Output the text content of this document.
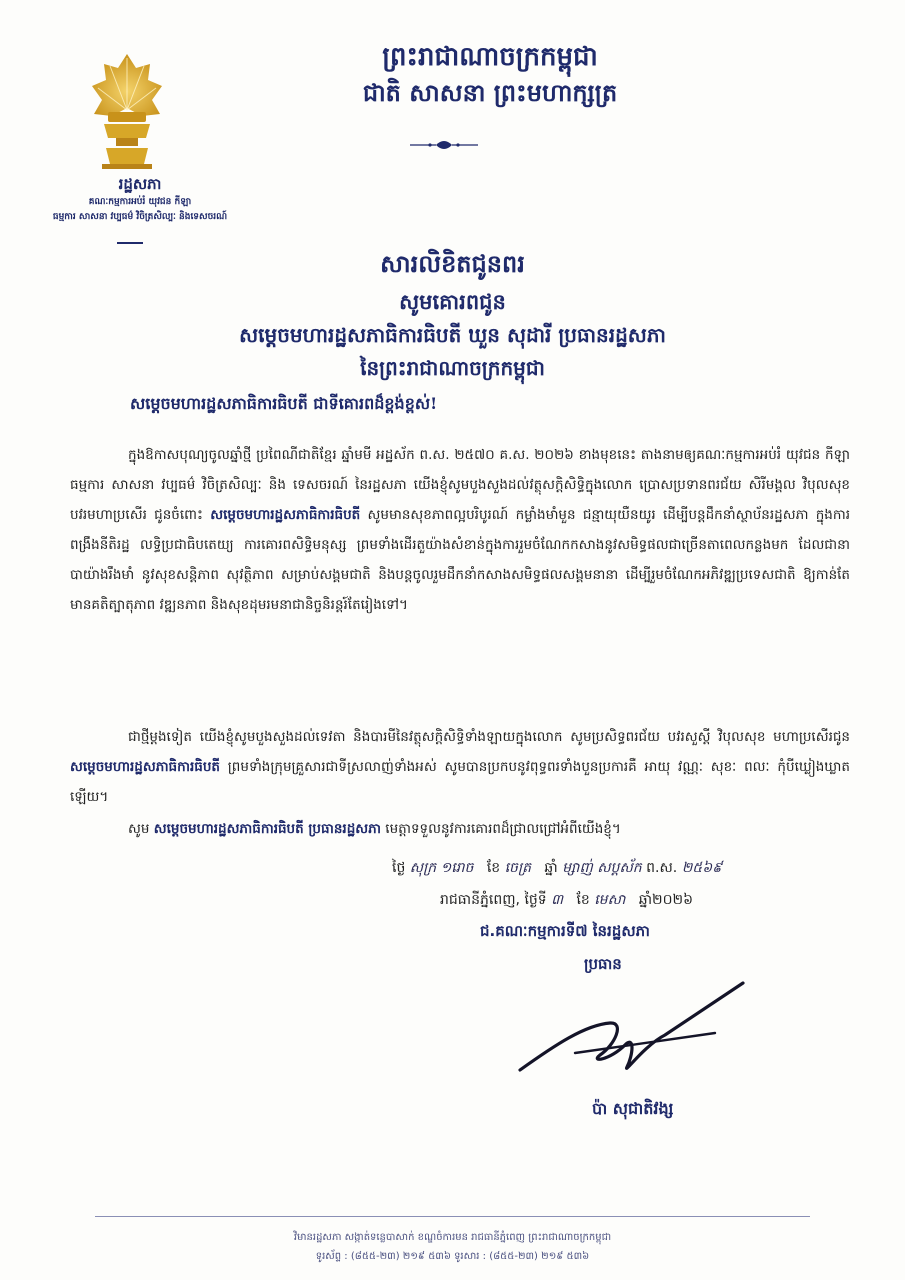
រដ្ឋសភា
គណៈកម្មការអប់រំ យុវជន កីឡា
ធម្មការ សាសនា វប្បធម៌ វិចិត្រសិល្បៈ និងទេសចរណ៍
ព្រះរាជាណាចក្រកម្ពុជា
ជាតិ សាសនា ព្រះមហាក្សត្រ
សារលិខិតជូនពរ
សូមគោរពជូន
សម្ដេចមហារដ្ឋសភាធិការធិបតី ឃួន សុដារី ប្រធានរដ្ឋសភា
នៃព្រះរាជាណាចក្រកម្ពុជា
សម្ដេចមហារដ្ឋសភាធិការធិបតី ជាទីគោរពដ៏ខ្ពង់ខ្ពស់!
ក្នុងឱកាសបុណ្យចូលឆ្នាំថ្មី ប្រពៃណីជាតិខ្មែរ ឆ្នាំមមី អដ្ឋស័ក ព.ស. ២៥៧០ គ.ស. ២០២៦ ខាងមុខនេះ តាងនាមឲ្យគណៈកម្មការអប់រំ យុវជន កីឡា ធម្មការ សាសនា វប្បធម៌ វិចិត្រសិល្បៈ និង ទេសចរណ៍ នៃរដ្ឋសភា យើងខ្ញុំសូមបួងសួងដល់វត្ថុសក្តិសិទ្ធិក្នុងលោក ប្រោសប្រទានពរជ័យ សិរីមង្គល វិបុលសុខ បវរមហាប្រសើរ ជូនចំពោះ សម្ដេចមហារដ្ឋសភាធិការធិបតី សូមមានសុខភាពល្អបរិបូរណ៍ កម្លាំងមាំមួន ជន្មាយុយឺនយូរ ដើម្បីបន្តដឹកនាំស្ថាប័នរដ្ឋសភា ក្នុងការពង្រឹងនីតិរដ្ឋ លទ្ធិប្រជាធិបតេយ្យ ការគោរពសិទ្ធិមនុស្ស ព្រមទាំងដើរតួយ៉ាងសំខាន់ក្នុងការរួមចំណែកកសាងនូវសមិទ្ធផលជាច្រើនតាពេលកន្លងមក ដែលជានាបាយ៉ាងរឹងមាំ នូវសុខសន្តិភាព សុវត្ថិភាព សម្រាប់សង្គមជាតិ និងបន្តចូលរួមដឹកនាំកសាងសមិទ្ធផលសង្គមនានា ដើម្បីរួមចំណែកអភិវឌ្ឍប្រទេសជាតិ ឱ្យកាន់តែមានគតិត្បាតុភាព វឌ្ឍនភាព និងសុខដុមរមនាជានិច្ចនិរន្តរ៍តែរៀងទៅ។
ជាថ្មីម្ដងទៀត យើងខ្ញុំសូមបួងសួងដល់ទេវតា និងបារមីនៃវត្ថុសក្តិសិទ្ធិទាំងឡាយក្នុងលោក សូមប្រសិទ្ធពរជ័យ បវរសួស្តី វិបុលសុខ មហាប្រសើរជូន សម្ដេចមហារដ្ឋសភាធិការធិបតី ព្រមទាំងក្រុមគ្រួសារជាទីស្រលាញ់ទាំងអស់ សូមបានប្រកបនូវពុទ្ធពរទាំងបួនប្រការគឺ អាយុ វណ្ណៈ សុខៈ ពលៈ កុំបីឃ្លៀងឃ្លាតឡើយ។
សូម សម្ដេចមហារដ្ឋសភាធិការធិបតី ប្រធានរដ្ឋសភា មេត្តាទទួលនូវការគោរពដ៏ជ្រាលជ្រៅអំពីយើងខ្ញុំ។
ថ្ងៃ សុក្រ ១រោច ខែ ចេត្រ ឆ្នាំ ម្សាញ់ សប្តស័ក ព.ស. ២៥៦៩
រាជធានីភ្នំពេញ, ថ្ងៃទី ៣ ខែ មេសា ឆ្នាំ២០២៦
ជ.គណៈកម្មការទី៧ នៃរដ្ឋសភា
ប្រធាន
ប៉ា សុជាតិវង្ស
វិមានរដ្ឋសភា សង្កាត់ទន្លេបាសាក់ ខណ្ឌចំការមន រាជធានីភ្នំពេញ ព្រះរាជាណាចក្រកម្ពុជា
ទូរស័ព្ទ : (៨៥៥-២៣) ២១៩ ៥៣៦ ទូរសារ : (៨៥៥-២៣) ២១៩ ៥៣៦
